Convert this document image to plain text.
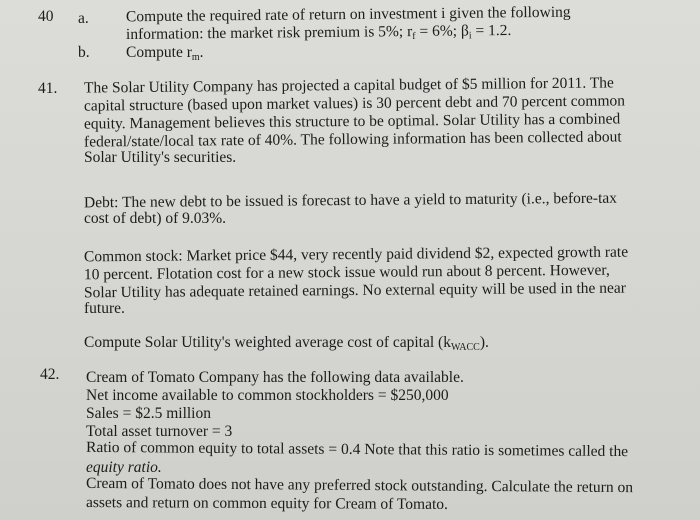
40 a. Compute the required rate of return on investment i given the following
information: the market risk premium is 5%; $r_f = 6\%$; $\beta_i = 1.2$.
b. Compute $r_m$.
41. The Solar Utility Company has projected a capital budget of $5 million for 2011. The
capital structure (based upon market values) is 30 percent debt and 70 percent common
equity. Management believes this structure to be optimal. Solar Utility has a combined
federal/state/local tax rate of 40%. The following information has been collected about
Solar Utility's securities.
Debt: The new debt to be issued is forecast to have a yield to maturity (i.e., before-tax
cost of debt) of 9.03%.
Common stock: Market price $44, very recently paid dividend $2, expected growth rate
10 percent. Flotation cost for a new stock issue would run about 8 percent. However,
Solar Utility has adequate retained earnings. No external equity will be used in the near
future.
Compute Solar Utility's weighted average cost of capital $(k_{WACC})$.
42. Cream of Tomato Company has the following data available.
Net income available to common stockholders = $250,000
Sales = $2.5 million
Total asset turnover = 3
Ratio of common equity to total assets = 0.4 Note that this ratio is sometimes called the
equity ratio.
Cream of Tomato does not have any preferred stock outstanding. Calculate the return on
assets and return on common equity for Cream of Tomato.
